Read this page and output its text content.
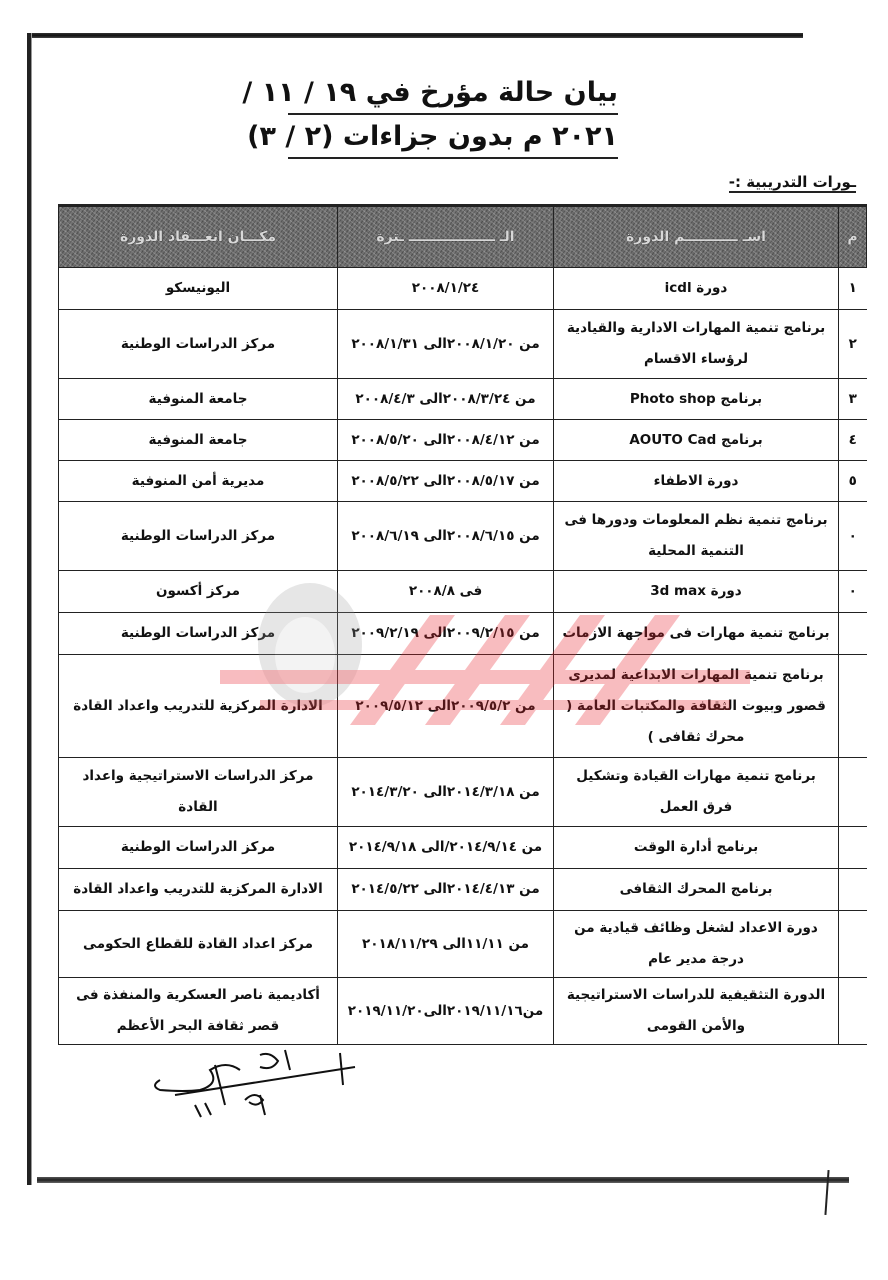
بيان حالة مؤرخ في ١٩ / ١١ /
٢٠٢١ م بدون جزاءات (٢ / ٣)
ـورات التدريبية :-
م	اسـ ـــــــــــم الدورة	الـ ــــــــــــــــــ ـترة	مكـــان انعـــقاد الدورة
١	دورة icdl	٢٠٠٨/١/٢٤	اليونيسكو
٢	برنامج تنمية المهارات الادارية والقيادية لرؤساء الاقسام	من ٢٠٠٨/١/٢٠الى ٢٠٠٨/١/٣١	مركز الدراسات الوطنية
٣	برنامج Photo shop	من ٢٠٠٨/٣/٢٤الى ٢٠٠٨/٤/٣	جامعة المنوفية
٤	برنامج AOUTO Cad	من ٢٠٠٨/٤/١٢الى ٢٠٠٨/٥/٢٠	جامعة المنوفية
٥	دورة الاطفاء	من ٢٠٠٨/٥/١٧الى ٢٠٠٨/٥/٢٢	مديرية أمن المنوفية
٠	برنامج تنمية نظم المعلومات ودورها فى التنمية المحلية	من ٢٠٠٨/٦/١٥الى ٢٠٠٨/٦/١٩	مركز الدراسات الوطنية
٠	دورة 3d max	فى ٢٠٠٨/٨	مركز أكسون
	برنامج تنمية مهارات فى مواجهة الازمات	من ٢٠٠٩/٢/١٥الى ٢٠٠٩/٢/١٩	مركز الدراسات الوطنية
	برنامج تنمية المهارات الابداعية لمديرى قصور وبيوت الثقافة والمكتبات العامة ( محرك ثقافى )	من ٢٠٠٩/٥/٢الى ٢٠٠٩/٥/١٢	الادارة المركزية للتدريب واعداد القادة
	برنامج تنمية مهارات القيادة وتشكيل فرق العمل	من ٢٠١٤/٣/١٨الى ٢٠١٤/٣/٢٠	مركز الدراسات الاستراتيجية واعداد القادة
	برنامج أدارة الوقت	من ٢٠١٤/٩/١٤/الى ٢٠١٤/٩/١٨	مركز الدراسات الوطنية
	برنامج المحرك الثقافى	من ٢٠١٤/٤/١٣الى ٢٠١٤/٥/٢٢	الادارة المركزية للتدريب واعداد القادة
	دورة الاعداد لشغل وظائف قيادية من درجة مدير عام	من ١١/١١الى ٢٠١٨/١١/٢٩	مركز اعداد القادة للقطاع الحكومى
	الدورة التثقيفية للدراسات الاستراتيجية والأمن القومى	من٢٠١٩/١١/١٦الى٢٠١٩/١١/٢٠	أكاديمية ناصر العسكرية والمنفذة فى قصر ثقافة البحر الأعظم
